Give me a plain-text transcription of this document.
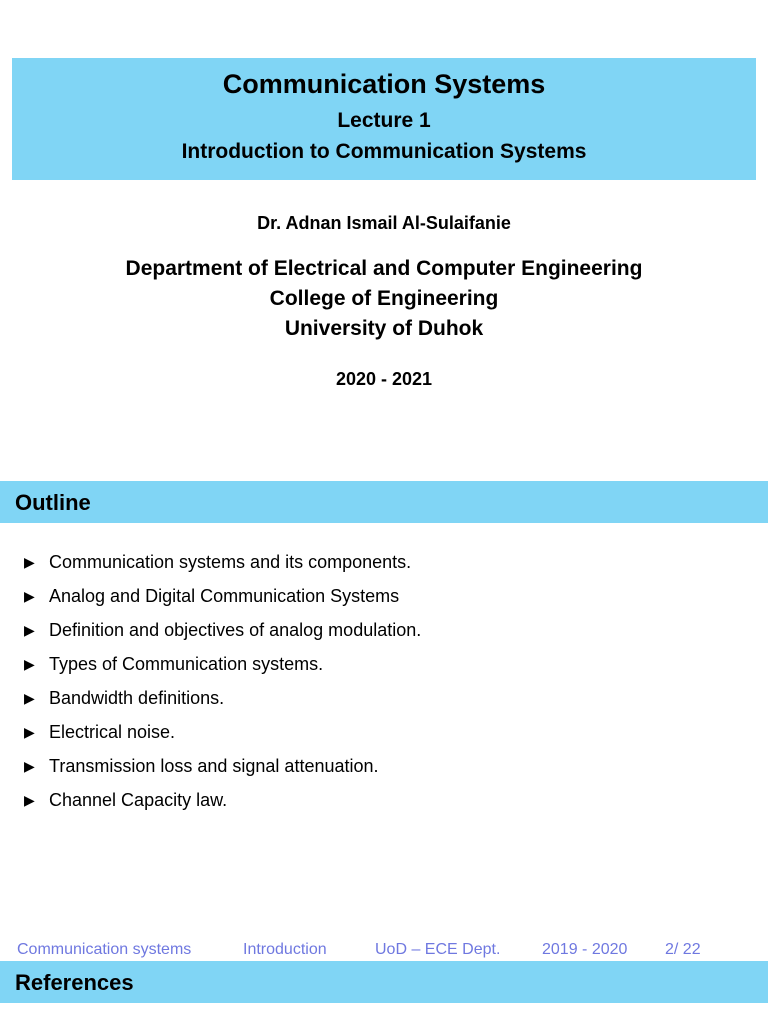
Communication Systems
Lecture 1
Introduction to Communication Systems
Dr. Adnan Ismail Al-Sulaifanie
Department of Electrical and Computer Engineering
College of Engineering
University of Duhok
2020 - 2021
Outline
▶ Communication systems and its components.
▶ Analog and Digital Communication Systems
▶ Definition and objectives of analog modulation.
▶ Types of Communication systems.
▶ Bandwidth definitions.
▶ Electrical noise.
▶ Transmission loss and signal attenuation.
▶ Channel Capacity law.
Communication systems	Introduction	UoD – ECE Dept.	2019 - 2020 2/ 22
References
